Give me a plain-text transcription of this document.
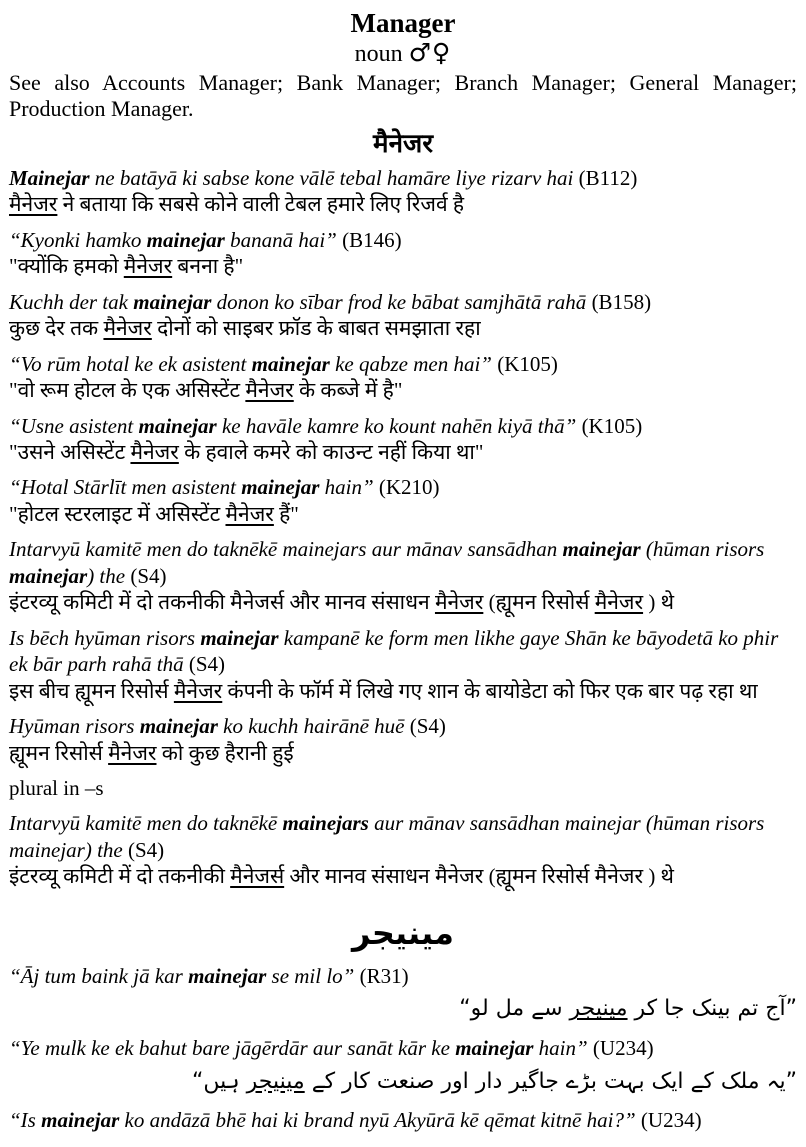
Manager

noun ♂♀

See also Accounts Manager; Bank Manager; Branch Manager; General Manager; Production Manager.

मैनेजर

Mainejar ne batāyā ki sabse kone vālē tebal hamāre liye rizarv hai (B112)

मैनेजर ने बताया कि सबसे कोने वाली टेबल हमारे लिए रिजर्व है

“Kyonki hamko mainejar bananā hai” (B146)

"क्योंकि हमको मैनेजर बनना है"

Kuchh der tak mainejar donon ko sībar frod ke bābat samjhātā rahā (B158)

कुछ देर तक मैनेजर दोनों को साइबर फ्रॉड के बाबत समझाता रहा

“Vo rūm hotal ke ek asistent mainejar ke qabze men hai” (K105)

"वो रूम होटल के एक असिस्टेंट मैनेजर के कब्जे में है"

“Usne asistent mainejar ke havāle kamre ko kount nahēn kiyā thā” (K105)

"उसने असिस्टेंट मैनेजर के हवाले कमरे को काउन्ट नहीं किया था"

“Hotal Stārlīt men asistent mainejar hain” (K210)

"होटल स्टरलाइट में असिस्टेंट मैनेजर हैं"

Intarvyū kamitē men do taknēkē mainejars aur mānav sansādhan mainejar (hūman risors mainejar) the (S4)

इंटरव्यू कमिटी में दो तकनीकी मैनेजर्स और मानव संसाधन मैनेजर (ह्यूमन रिसोर्स मैनेजर ) थे

Is bēch hyūman risors mainejar kampanē ke form men likhe gaye Shān ke bāyodetā ko phir ek bār parh rahā thā (S4)

इस बीच ह्यूमन रिसोर्स मैनेजर कंपनी के फॉर्म में लिखे गए शान के बायोडेटा को फिर एक बार पढ़ रहा था

Hyūman risors mainejar ko kuchh hairānē huē (S4)

ह्यूमन रिसोर्स मैनेजर को कुछ हैरानी हुई

plural in –s

Intarvyū kamitē men do taknēkē mainejars aur mānav sansādhan mainejar (hūman risors mainejar) the (S4)

इंटरव्यू कमिटी में दो तकनीकी मैनेजर्स और मानव संसाधन मैनेजर (ह्यूमन रिसोर्स मैनेजर ) थे

مینیجر

“Āj tum baink jā kar mainejar se mil lo” (R31)

”آج تم بینک جا کر مینیجر سے مل لو“

“Ye mulk ke ek bahut bare jāgērdār aur sanāt kār ke mainejar hain” (U234)

”یہ ملک کے ایک بہت بڑے جاگیر دار اور صنعت کار کے مینیجر ہیں“

“Is mainejar ko andāzā bhē hai ki brand nyū Akyūrā kē qēmat kitnē hai?” (U234)
